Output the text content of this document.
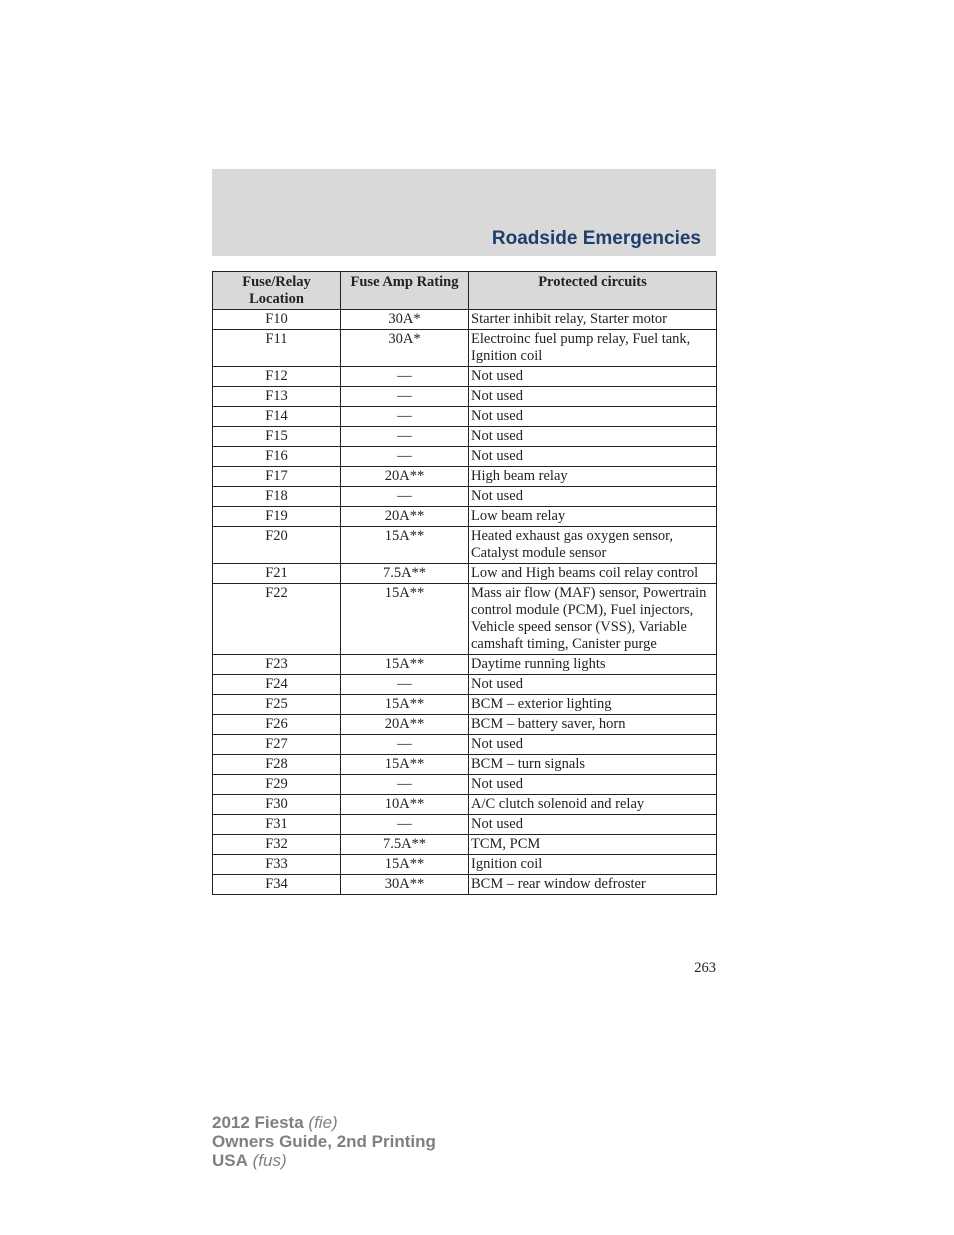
Roadside Emergencies
Fuse/Relay Location	Fuse Amp Rating	Protected circuits
F10	30A*	Starter inhibit relay, Starter motor
F11	30A*	Electroinc fuel pump relay, Fuel tank, Ignition coil
F12	—	Not used
F13	—	Not used
F14	—	Not used
F15	—	Not used
F16	—	Not used
F17	20A**	High beam relay
F18	—	Not used
F19	20A**	Low beam relay
F20	15A**	Heated exhaust gas oxygen sensor, Catalyst module sensor
F21	7.5A**	Low and High beams coil relay control
F22	15A**	Mass air flow (MAF) sensor, Powertrain control module (PCM), Fuel injectors, Vehicle speed sensor (VSS), Variable camshaft timing, Canister purge
F23	15A**	Daytime running lights
F24	—	Not used
F25	15A**	BCM – exterior lighting
F26	20A**	BCM – battery saver, horn
F27	—	Not used
F28	15A**	BCM – turn signals
F29	—	Not used
F30	10A**	A/C clutch solenoid and relay
F31	—	Not used
F32	7.5A**	TCM, PCM
F33	15A**	Ignition coil
F34	30A**	BCM – rear window defroster
263
2012 Fiesta (fie)
Owners Guide, 2nd Printing
USA (fus)
